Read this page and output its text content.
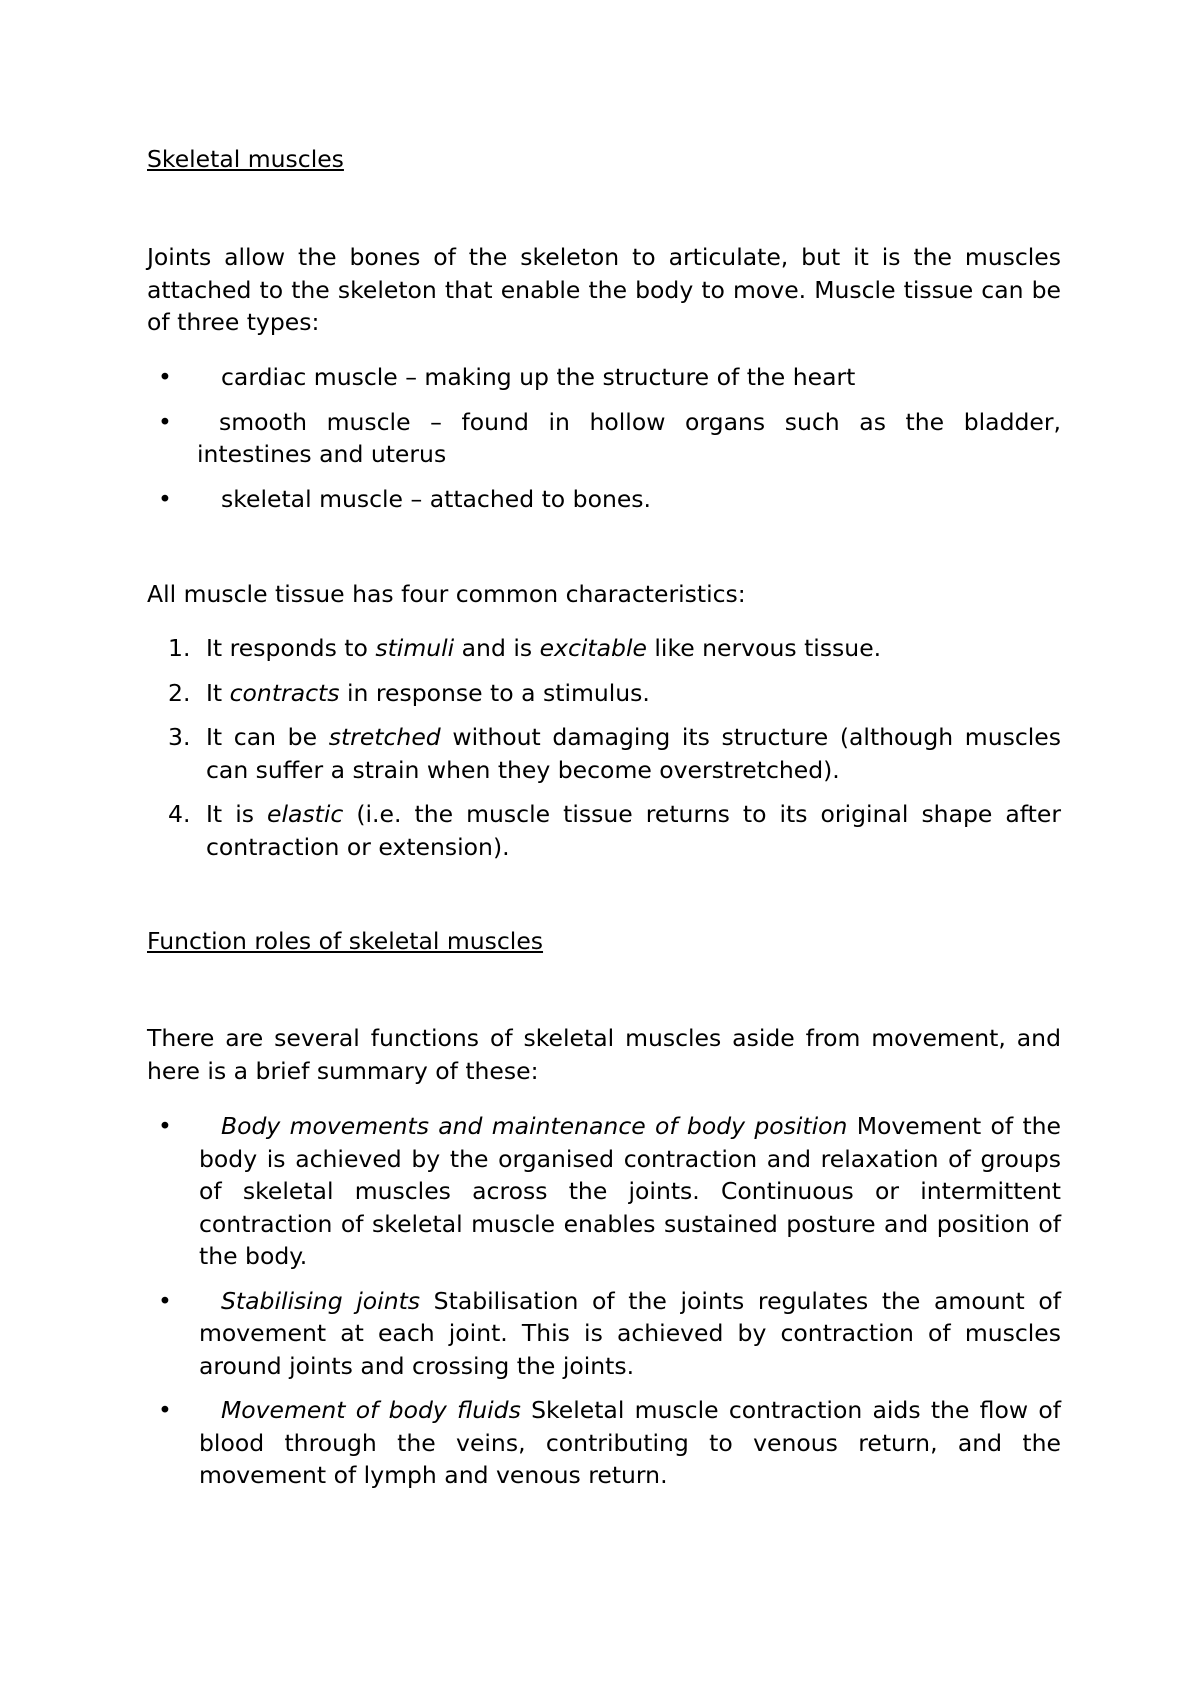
Skeletal muscles

Joints allow the bones of the skeleton to articulate, but it is the muscles attached to the skeleton that enable the body to move. Muscle tissue can be of three types:

• cardiac muscle – making up the structure of the heart
• smooth muscle – found in hollow organs such as the bladder, intestines and uterus
• skeletal muscle – attached to bones.

All muscle tissue has four common characteristics:

1. It responds to stimuli and is excitable like nervous tissue.
2. It contracts in response to a stimulus.
3. It can be stretched without damaging its structure (although muscles can suffer a strain when they become overstretched).
4. It is elastic (i.e. the muscle tissue returns to its original shape after contraction or extension).
Function roles of skeletal muscles

There are several functions of skeletal muscles aside from movement, and here is a brief summary of these:

• Body movements and maintenance of body position Movement of the body is achieved by the organised contraction and relaxation of groups of skeletal muscles across the joints. Continuous or intermittent contraction of skeletal muscle enables sustained posture and position of the body.
• Stabilising joints Stabilisation of the joints regulates the amount of movement at each joint. This is achieved by contraction of muscles around joints and crossing the joints.
• Movement of body fluids Skeletal muscle contraction aids the flow of blood through the veins, contributing to venous return, and the movement of lymph and venous return.
